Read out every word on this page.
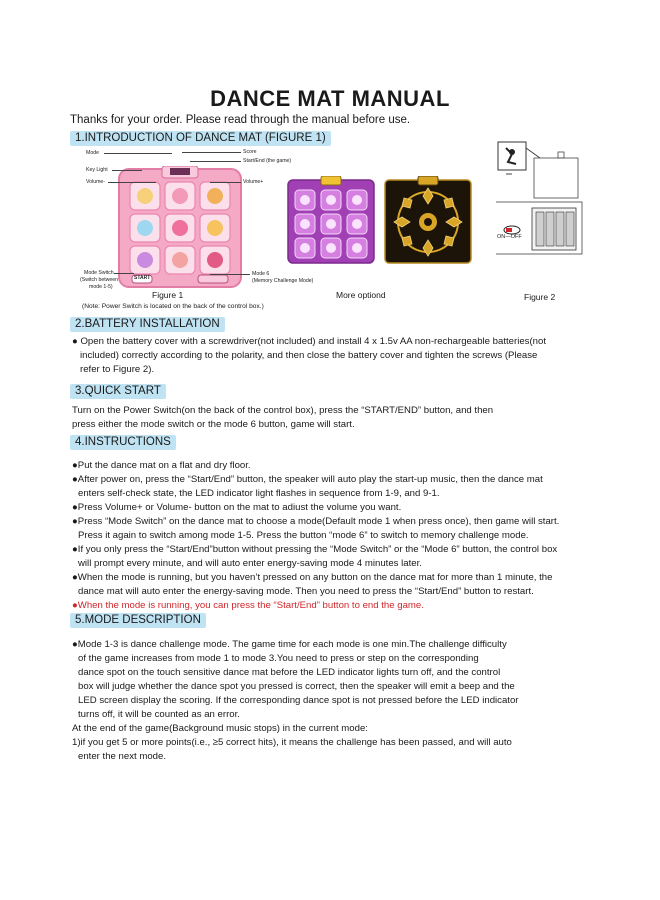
DANCE MAT MANUAL
Thanks for your order. Please read through the manual before use.
1.INTRODUCTION OF DANCE MAT (FIGURE 1)
START
Mode
Key Light
Volume-
Score
Start/End (the game)
Volume+
Mode Switch
(Switch between
mode 1-5)
Mode 6
(Memory Challenge Mode)
Figure 1
(Note: Power Switch is located on the back of the control box.)
More optiond
ON—OFF
Figure 2
2.BATTERY INSTALLATION
● Open the battery cover with a screwdriver(not included) and install 4 x 1.5v AA non-rechargeable batteries(not
included) correctly according to the polarity, and then close the battery cover and tighten the screws (Please
refer to Figure 2).
3.QUICK START
Turn on the Power Switch(on the back of the control box), press the “START/END” button, and then
press either the mode switch or the mode 6 button, game will start.
4.INSTRUCTIONS
●Put the dance mat on a flat and dry floor.
●After power on, press the “Start/End” button, the speaker will auto play the start-up music, then the dance mat
enters self-check state, the LED indicator light flashes in sequence from 1-9, and 9-1.
●Press Volume+ or Volume- button on the mat to adiust the volume you want.
●Press “Mode Switch” on the dance mat to choose a mode(Default mode 1 when press once), then game will start.
Press it again to switch among mode 1-5. Press the button “mode 6” to switch to memory challenge mode.
●If you only press the “Start/End”button without pressing the “Mode Switch” or the “Mode 6” button, the control box
will prompt every minute, and will auto enter energy-saving mode 4 minutes later.
●When the mode is running, but you haven’t pressed on any button on the dance mat for more than 1 minute, the
dance mat will auto enter the energy-saving mode. Then you need to press the “Start/End” button to restart.
●When the mode is running, you can press the “Start/End” button to end the game.
5.MODE DESCRIPTION
●Mode 1-3 is dance challenge mode. The game time for each mode is one min.The challenge difficulty
of the game increases from mode 1 to mode 3.You need to press or step on the corresponding
dance spot on the touch sensitive dance mat before the LED indicator lights turn off, and the control
box will judge whether the dance spot you pressed is correct, then the speaker will emit a beep and the
LED screen display the scoring. If the corresponding dance spot is not pressed before the LED indicator
turns off, it will be counted as an error.
At the end of the game(Background music stops) in the current mode:
1)if you get 5 or more points(i.e., ≥5 correct hits), it means the challenge has been passed, and will auto
enter the next mode.
